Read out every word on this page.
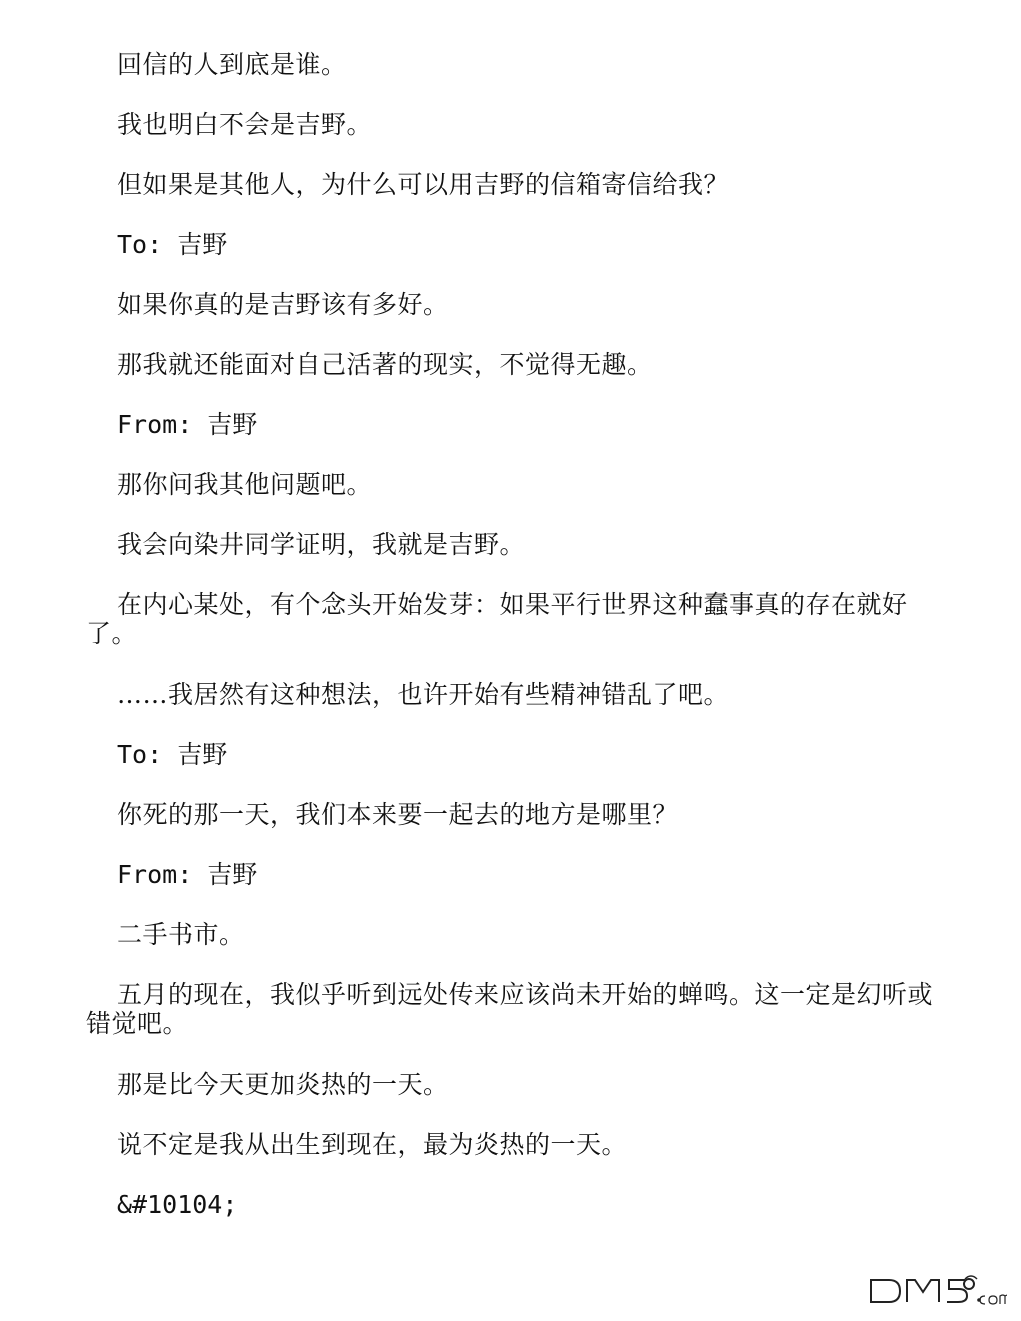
回信的人到底是谁。

我也明白不会是吉野。

但如果是其他人，为什么可以用吉野的信箱寄信给我？

To: 吉野

如果你真的是吉野该有多好。

那我就还能面对自己活著的现实，不觉得无趣。

From: 吉野

那你问我其他问题吧。

我会向染井同学证明，我就是吉野。

在内心某处，有个念头开始发芽：如果平行世界这种蠢事真的存在就好了。

……我居然有这种想法，也许开始有些精神错乱了吧。

To: 吉野

你死的那一天，我们本来要一起去的地方是哪里？

From: 吉野

二手书市。

五月的现在，我似乎听到远处传来应该尚未开始的蝉鸣。这一定是幻听或错觉吧。

那是比今天更加炎热的一天。

说不定是我从出生到现在，最为炎热的一天。

&#10104;
